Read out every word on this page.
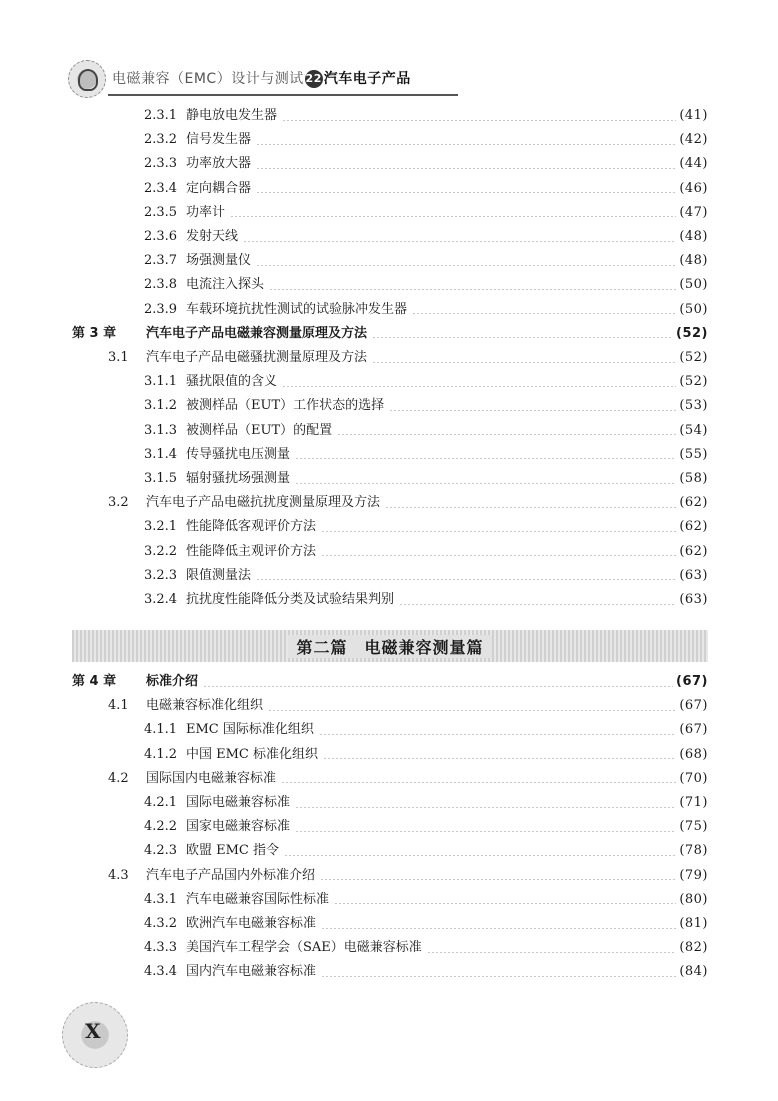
电磁兼容（EMC）设计与测试 22 汽车电子产品
2.3.1 静电放电发生器	(41)
2.3.2 信号发生器	(42)
2.3.3 功率放大器	(44)
2.3.4 定向耦合器	(46)
2.3.5 功率计	(47)
2.3.6 发射天线	(48)
2.3.7 场强测量仪	(48)
2.3.8 电流注入探头	(50)
2.3.9 车载环境抗扰性测试的试验脉冲发生器	(50)
第 3 章	汽车电子产品电磁兼容测量原理及方法	(52)
3.1	汽车电子产品电磁骚扰测量原理及方法	(52)
3.1.1 骚扰限值的含义	(52)
3.1.2 被测样品（EUT）工作状态的选择	(53)
3.1.3 被测样品（EUT）的配置	(54)
3.1.4 传导骚扰电压测量	(55)
3.1.5 辐射骚扰场强测量	(58)
3.2	汽车电子产品电磁抗扰度测量原理及方法	(62)
3.2.1 性能降低客观评价方法	(62)
3.2.2 性能降低主观评价方法	(62)
3.2.3 限值测量法	(63)
3.2.4 抗扰度性能降低分类及试验结果判别	(63)
第二篇　电磁兼容测量篇
第 4 章	标准介绍	(67)
4.1	电磁兼容标准化组织	(67)
4.1.1 EMC 国际标准化组织	(67)
4.1.2 中国 EMC 标准化组织	(68)
4.2	国际国内电磁兼容标准	(70)
4.2.1 国际电磁兼容标准	(71)
4.2.2 国家电磁兼容标准	(75)
4.2.3 欧盟 EMC 指令	(78)
4.3	汽车电子产品国内外标准介绍	(79)
4.3.1 汽车电磁兼容国际性标准	(80)
4.3.2 欧洲汽车电磁兼容标准	(81)
4.3.3 美国汽车工程学会（SAE）电磁兼容标准	(82)
4.3.4 国内汽车电磁兼容标准	(84)
X
